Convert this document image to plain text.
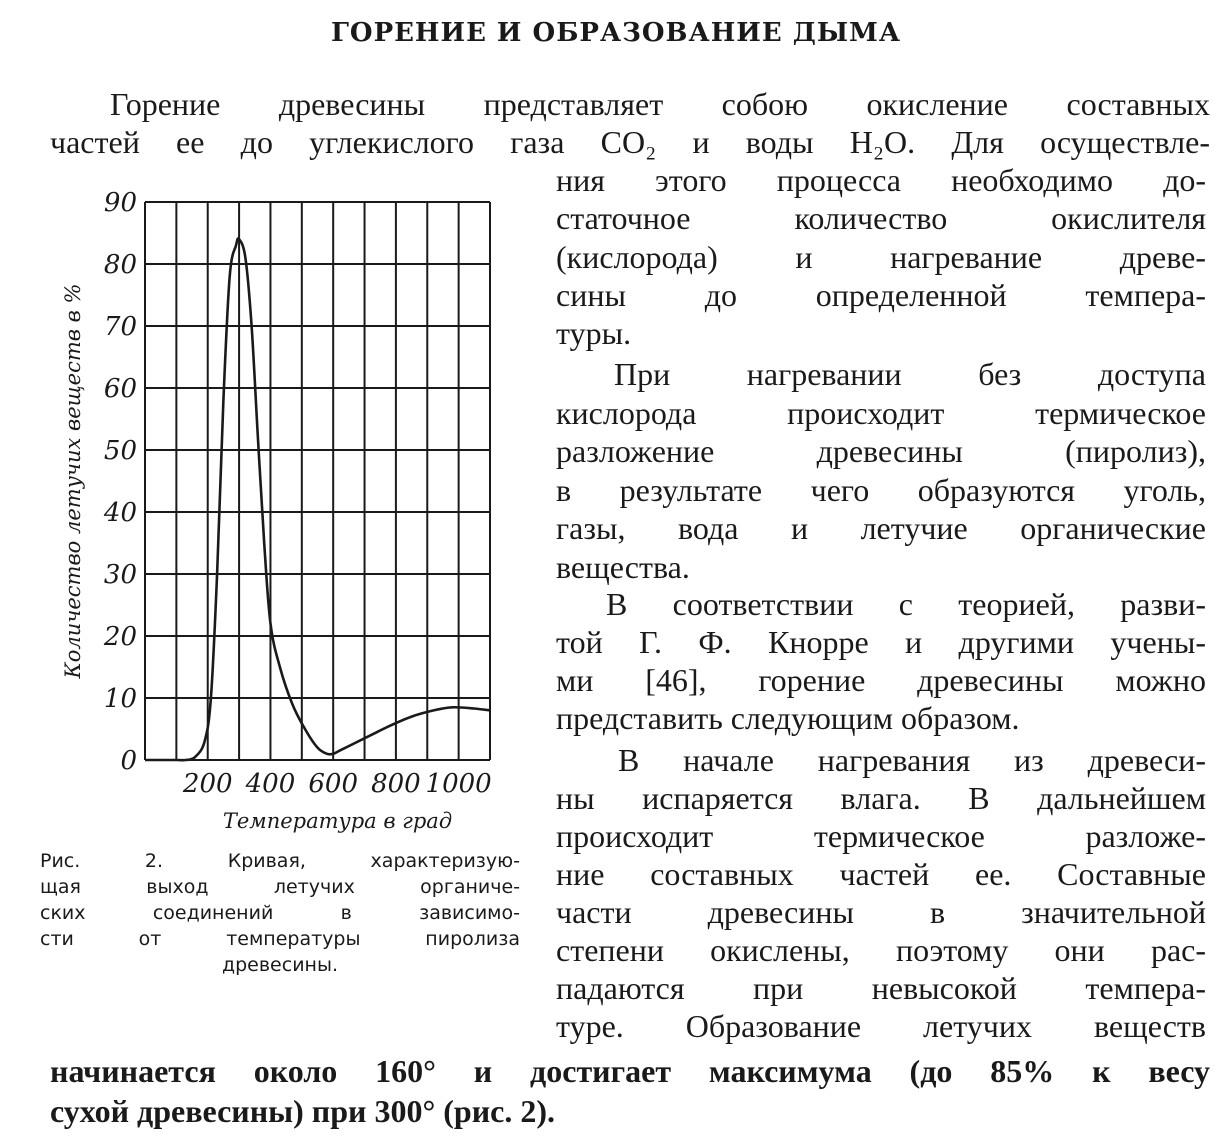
ГОРЕНИЕ И ОБРАЗОВАНИЕ ДЫМА
Горение древесины представляет собою окисление составных
частей ее до углекислого газа CO₂ и воды H₂O. Для осуществле-
ния этого процесса необходимо до-
статочное количество окислителя
(кислорода) и нагревание древе-
сины до определенной темпера-
туры.
При нагревании без доступа
кислорода происходит термическое
разложение древесины (пиролиз),
в результате чего образуются уголь,
газы, вода и летучие органические
вещества.
В соответствии с теорией, разви-
той Г. Ф. Кнорре и другими учены-
ми [46], горение древесины можно
представить следующим образом.
В начале нагревания из древеси-
ны испаряется влага. В дальнейшем
происходит термическое разложе-
ние составных частей ее. Составные
части древесины в значительной
степени окислены, поэтому они рас-
падаются при невысокой темпера-
туре. Образование летучих веществ
начинается около 160° и достигает максимума (до 85% к весу
сухой древесины) при 300° (рис. 2).
0
10
20
30
40
50
60
70
80
90
200 400 600 800 1000
Количество летучих веществ в %
Температура в град
Рис. 2. Кривая, характеризую-
щая выход летучих органиче-
ских соединений в зависимо-
сти от температуры пиролиза
древесины.
